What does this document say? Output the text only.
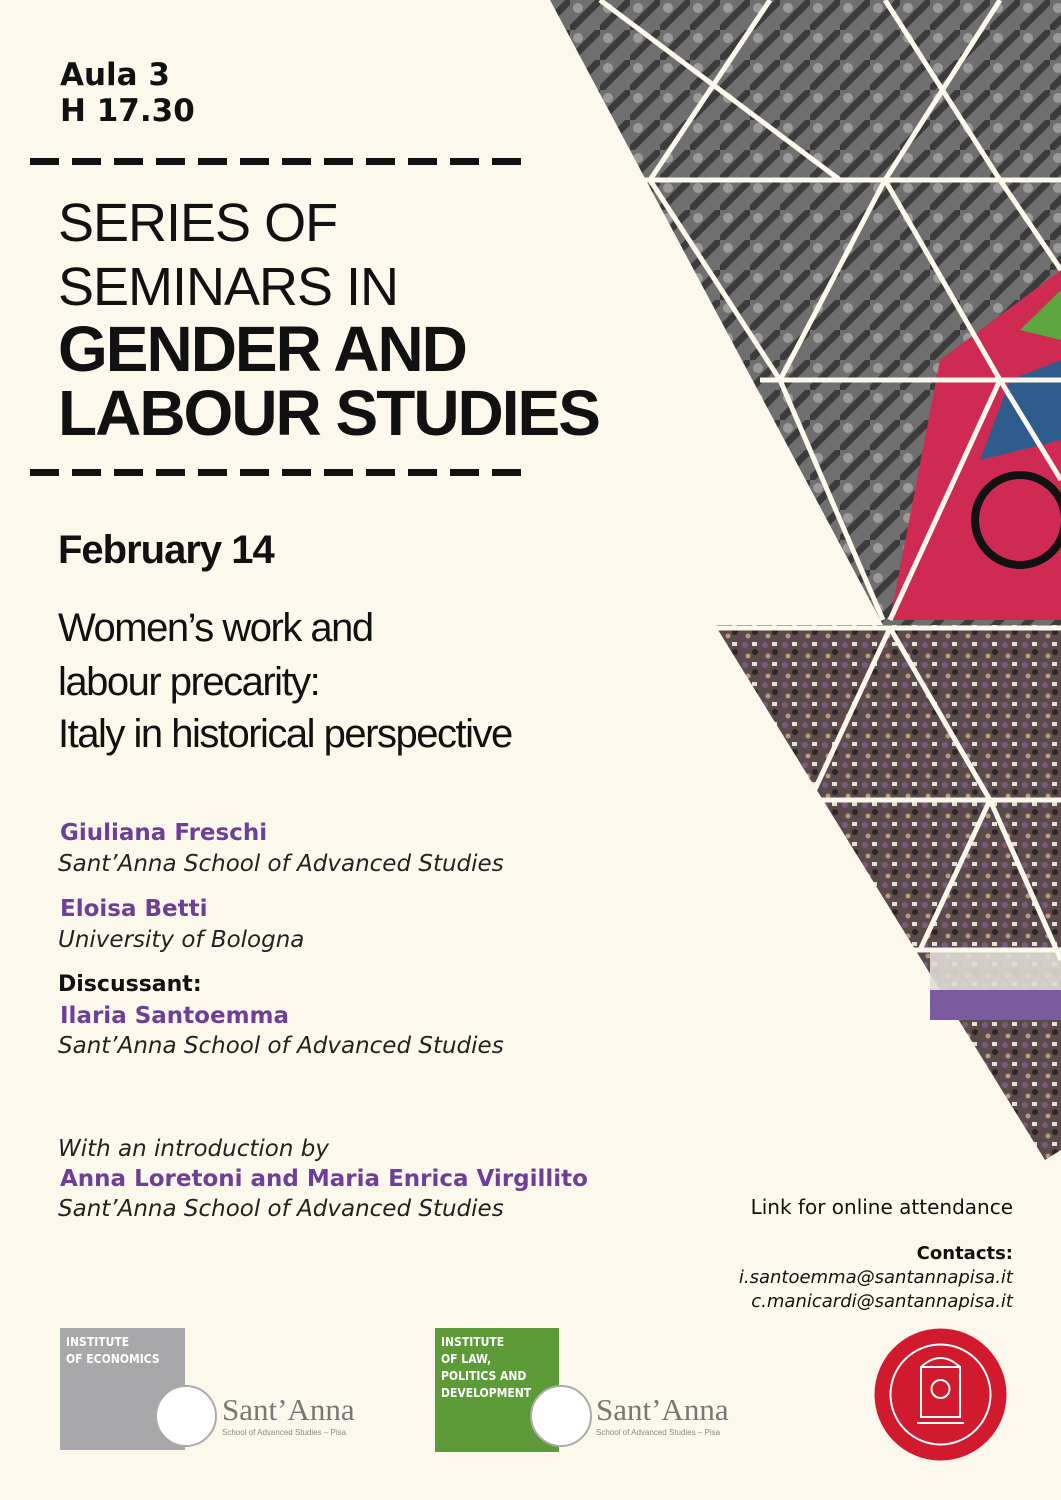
Aula 3
H 17.30
SERIES OF
SEMINARS IN
GENDER AND
LABOUR STUDIES
February 14
Women’s work and
labour precarity:
Italy in historical perspective
Giuliana Freschi
Sant’Anna School of Advanced Studies
Eloisa Betti
University of Bologna
Discussant:
Ilaria Santoemma
Sant’Anna School of Advanced Studies
With an introduction by
Anna Loretoni and Maria Enrica Virgillito
Sant’Anna School of Advanced Studies	Link for online attendance
Contacts:
i.santoemma@santannapisa.it
c.manicardi@santannapisa.it
INSTITUTE
OF ECONOMICS
Sant’Anna
School of Advanced Studies – Pisa
INSTITUTE
OF LAW,
POLITICS AND
DEVELOPMENT	Sant’Anna
School of Advanced Studies – Pisa
